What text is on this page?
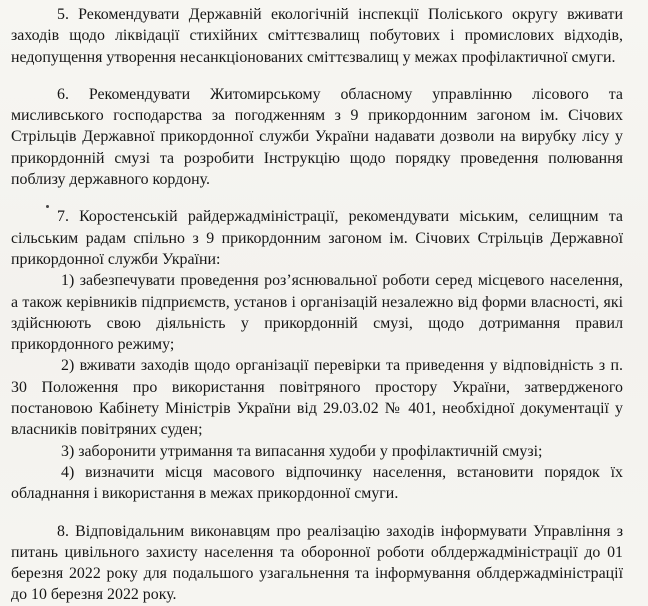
5. Рекомендувати Державній екологічній інспекції Поліського округу вживати заходів щодо ліквідації стихійних сміттєзвалищ побутових і промислових відходів, недопущення утворення несанкціонованих сміттєзвалищ у межах профілактичної смуги.

6. Рекомендувати Житомирському обласному управлінню лісового та мисливського господарства за погодженням з 9 прикордонним загоном ім. Січових Стрільців Державної прикордонної служби України надавати дозволи на вирубку лісу у прикордонній смузі та розробити Інструкцію щодо порядку проведення полювання поблизу державного кордону.

7. Коростенській райдержадміністрації, рекомендувати міським, селищним та сільським радам спільно з 9 прикордонним загоном ім. Січових Стрільців Державної прикордонної служби України:

1) забезпечувати проведення роз’яснювальної роботи серед місцевого населення, а також керівників підприємств, установ і організацій незалежно від форми власності, які здійснюють свою діяльність у прикордонній смузі, щодо дотримання правил прикордонного режиму;

2) вживати заходів щодо організації перевірки та приведення у відповідність з п. 30 Положення про використання повітряного простору України, затвердженого постановою Кабінету Міністрів України від 29.03.02 № 401, необхідної документації у власників повітряних суден;

3) заборонити утримання та випасання худоби у профілактичній смузі;

4) визначити місця масового відпочинку населення, встановити порядок їх обладнання і використання в межах прикордонної смуги.

8. Відповідальним виконавцям про реалізацію заходів інформувати Управління з питань цивільного захисту населення та оборонної роботи облдержадміністрації до 01 березня 2022 року для подальшого узагальнення та інформування облдержадміністрації до 10 березня 2022 року.
